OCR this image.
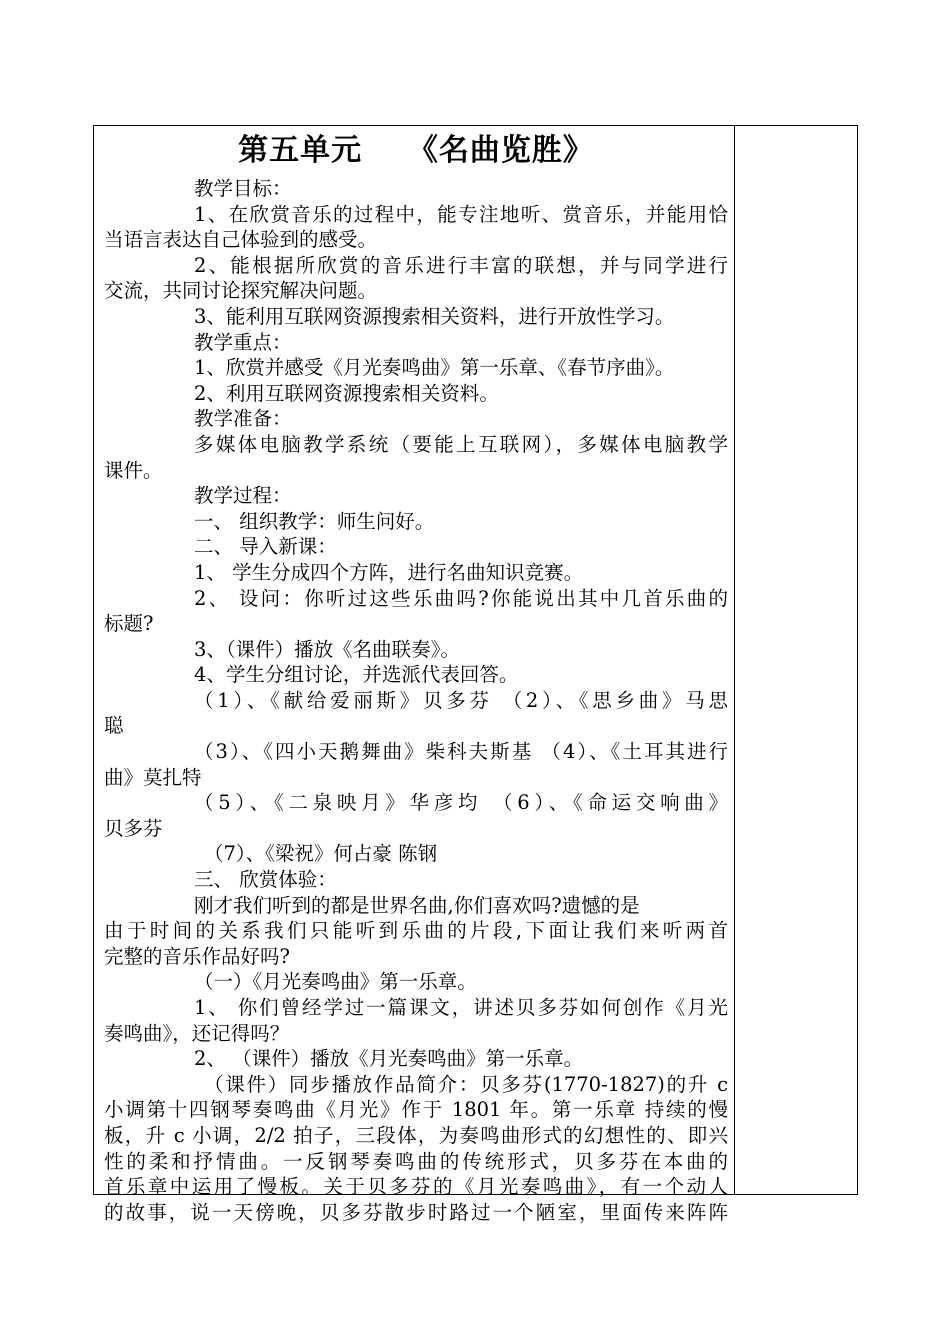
第五单元    《名曲览胜》
教学目标：
1、在欣赏音乐的过程中，能专注地听、赏音乐，并能用恰
当语言表达自己体验到的感受。
2、能根据所欣赏的音乐进行丰富的联想，并与同学进行
交流，共同讨论探究解决问题。
3、能利用互联网资源搜索相关资料，进行开放性学习。
教学重点：
1、欣赏并感受《月光奏鸣曲》第一乐章、《春节序曲》。
2、利用互联网资源搜索相关资料。
教学准备：
多媒体电脑教学系统（要能上互联网），多媒体电脑教学
课件。
教学过程：
一、 组织教学：师生问好。
二、 导入新课：
1、 学生分成四个方阵，进行名曲知识竞赛。
2、 设问：你听过这些乐曲吗?你能说出其中几首乐曲的
标题?
3、（课件）播放《名曲联奏》。
4、学生分组讨论，并选派代表回答。
（1）、《献给爱丽斯》贝多芬 （2）、《思乡曲》马思
聪
（3）、《四小天鹅舞曲》柴科夫斯基 （4）、《土耳其进行
曲》莫扎特
（5）、《二泉映月》华彦均 （6）、《命运交响曲》
贝多芬
（7）、《梁祝》何占豪 陈钢
三、 欣赏体验：
刚才我们听到的都是世界名曲,你们喜欢吗?遗憾的是
由于时间的关系我们只能听到乐曲的片段,下面让我们来听两首
完整的音乐作品好吗?
（一）《月光奏鸣曲》第一乐章。
1、 你们曾经学过一篇课文，讲述贝多芬如何创作《月光
奏鸣曲》，还记得吗？
2、 （课件）播放《月光奏鸣曲》第一乐章。
（课件）同步播放作品简介：贝多芬(1770-1827)的升 c
小调第十四钢琴奏鸣曲《月光》作于 1801 年。第一乐章 持续的慢
板，升 c 小调，2/2 拍子，三段体，为奏鸣曲形式的幻想性的、即兴
性的柔和抒情曲。一反钢琴奏鸣曲的传统形式，贝多芬在本曲的
首乐章中运用了慢板。关于贝多芬的《月光奏鸣曲》，有一个动人
的故事，说一天傍晚，贝多芬散步时路过一个陋室，里面传来阵阵
